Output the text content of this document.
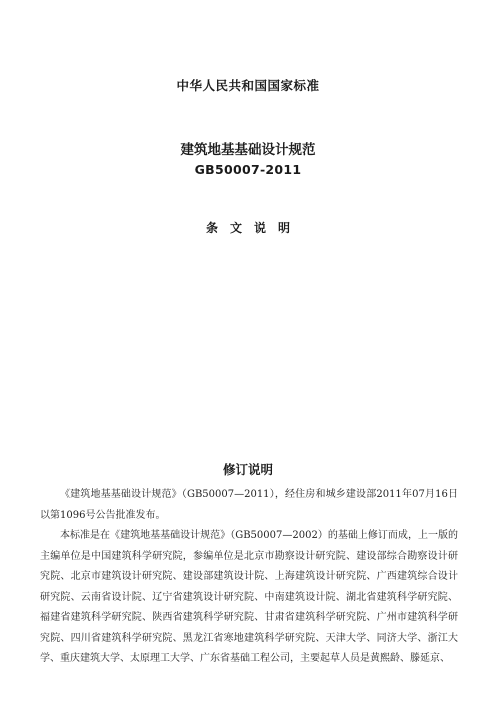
中华人民共和国国家标准
建筑地基基础设计规范
GB50007-2011
条文说明
修订说明

《建筑地基基础设计规范》（GB50007—2011），经住房和城乡建设部2011年07月16日以第1096号公告批准发布。

本标准是在《建筑地基基础设计规范》（GB50007—2002）的基础上修订而成，上一版的主编单位是中国建筑科学研究院，参编单位是北京市勘察设计研究院、建设部综合勘察设计研究院、北京市建筑设计研究院、建设部建筑设计院、上海建筑设计研究院、广西建筑综合设计研究院、云南省设计院、辽宁省建筑设计研究院、中南建筑设计院、湖北省建筑科学研究院、福建省建筑科学研究院、陕西省建筑科学研究院、甘肃省建筑科学研究院、广州市建筑科学研究院、四川省建筑科学研究院、黑龙江省寒地建筑科学研究院、天津大学、同济大学、浙江大学、重庆建筑大学、太原理工大学、广东省基础工程公司，主要起草人员是黄熙龄、滕延京、
